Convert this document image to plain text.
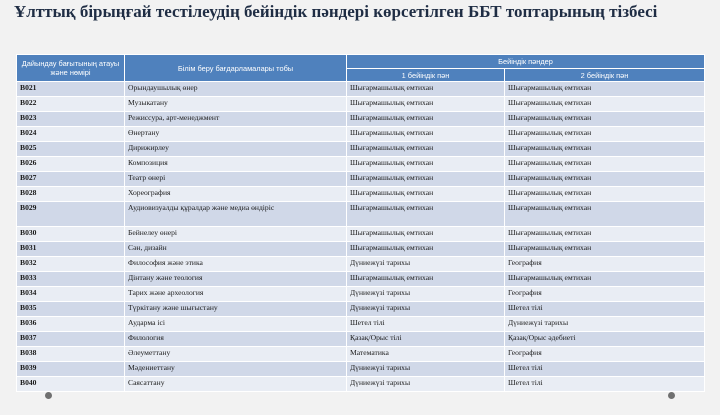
Ұлттық бірыңғай тестілеудің бейіндік пәндері көрсетілген ББТ топтарының тізбесі
Дайындау бағытының атауы және нөмірі	Білім беру бағдарламалары тобы	Бейіндік пәндер	
		1 бейіндік пән	2 бейіндік пән
B021	Орындаушылық өнер	Шығармашылық емтихан	Шығармашылық емтихан
B022	Музыкатану	Шығармашылық емтихан	Шығармашылық емтихан
B023	Режиссура, арт-менеджмент	Шығармашылық емтихан	Шығармашылық емтихан
B024	Өнертану	Шығармашылық емтихан	Шығармашылық емтихан
B025	Дирижирлеу	Шығармашылық емтихан	Шығармашылық емтихан
B026	Композиция	Шығармашылық емтихан	Шығармашылық емтихан
B027	Театр өнері	Шығармашылық емтихан	Шығармашылық емтихан
B028	Хореография	Шығармашылық емтихан	Шығармашылық емтихан
B029	Аудиовизуалды құралдар және медиа өндіріс	Шығармашылық емтихан	Шығармашылық емтихан
B030	Бейнелеу өнері	Шығармашылық емтихан	Шығармашылық емтихан
B031	Сән, дизайн	Шығармашылық емтихан	Шығармашылық емтихан
B032	Философия және этика	Дүниежүзі тарихы	География
B033	Дінтану және теология	Шығармашылық емтихан	Шығармашылық емтихан
B034	Тарих және археология	Дүниежүзі тарихы	География
B035	Түркітану және шығыстану	Дүниежүзі тарихы	Шетел тілі
B036	Аударма ісі	Шетел тілі	Дүниежүзі тарихы
B037	Филология	Қазақ/Орыс тілі	Қазақ/Орыс әдебиеті
B038	Әлеуметтану	Математика	География
B039	Мәдениеттану	Дүниежүзі тарихы	Шетел тілі
B040	Саясаттану	Дүниежүзі тарихы	Шетел тілі
